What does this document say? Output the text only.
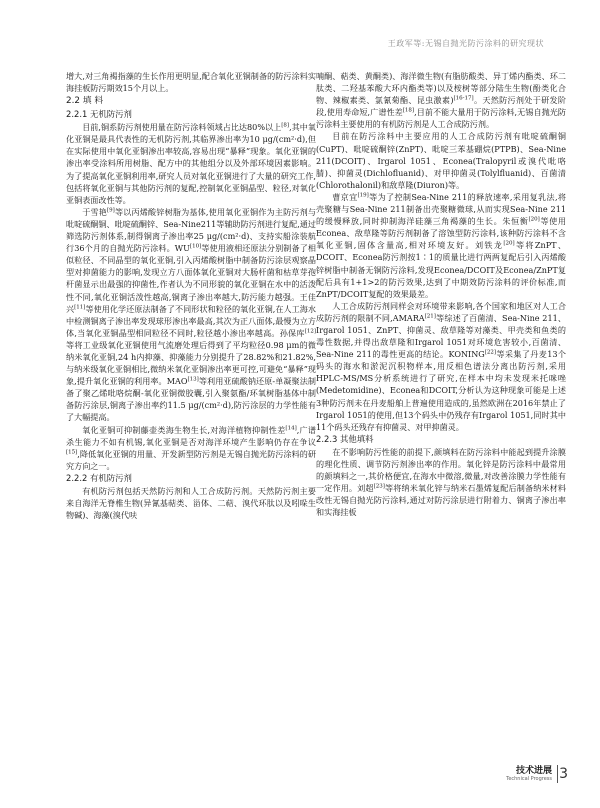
王政军等:无锡自抛光防污涂料的研究现状

增大,对三角褐指藻的生长作用更明显,配合氧化亚铜制备的防污涂料实海挂板防污期效15个月以上。

2.2 填 料
2.2.1 无机防污剂

目前,铜系防污剂使用量在防污涂料领域占比达80%以上[8],其中氧化亚铜是最具代表性的无机防污剂,其临界渗出率为10 μg/(cm²·d),但在实际使用中氧化亚铜渗出率较高,容易出现“暴释”现象。氧化亚铜的渗出率受涂料所用树脂、配方中的其他组分以及外部环境因素影响。为了提高氧化亚铜利用率,研究人员对氧化亚铜进行了大量的研究工作,包括将氧化亚铜与其他防污剂的复配,控制氧化亚铜晶型、粒径,对氧化亚铜表面改性等。

于雪艳[9]等以丙烯酸锌树脂为基体,使用氧化亚铜作为主防污剂与吡啶硫酮铜、吡啶硫酮锌、Sea-Nine211等辅助防污剂进行复配,通过筛选防污剂体系,制得铜离子渗出率25 μg/(cm²·d)、支持实船涂装航行36个月的自抛光防污涂料。WU[10]等使用液相还原法分别制备了相似粒径、不同晶型的氧化亚铜,引入丙烯酸树脂中制备防污涂层观察晶型对抑菌能力的影响,发现立方八面体氧化亚铜对大肠杆菌和枯草芽孢杆菌显示出最强的抑菌性,作者认为不同形貌的氧化亚铜在水中的活泼性不同,氧化亚铜活泼性越高,铜离子渗出率越大,防污能力越强。王佳兴[11]等使用化学还原法制备了不同形状和粒径的氧化亚铜,在人工海水中检测铜离子渗出率发现球形渗出率最高,其次为正八面体,最慢为立方体,当氧化亚铜晶型相同粒径不同时,粒径越小渗出率越高。孙保库[12]等将工业级氧化亚铜使用气流磨处理后得到了平均粒径0.98 μm的微纳米氧化亚铜,24 h内抑藻、抑藻能力分别提升了28.82%和21.82%,与纳米级氧化亚铜相比,微纳米氧化亚铜渗出率更可控,可避免“暴释”现象,提升氧化亚铜的利用率。MAO[13]等利用亚硫酸钠还原-单凝聚法制备了聚乙烯吡咯烷酮-氧化亚铜微胶囊,引入聚氨酯/环氧树脂基体中制备防污涂层,铜离子渗出率约11.5 μg/(cm²·d),防污涂层的力学性能有了大幅提高。

氧化亚铜可抑制藤壶类海生物生长,对海洋植物抑制性差[14],广谱杀生能力不如有机锡,氧化亚铜是否对海洋环境产生影响仍存在争议[15],降低氧化亚铜的用量、开发新型防污剂是无锡自抛光防污涂料的研究方向之一。

2.2.2 有机防污剂

有机防污剂包括天然防污剂和人工合成防污剂。天然防污剂主要来自海洋无脊椎生物(异氰基萜类、甾体、二萜、溴代环肽以及吲哚生物碱)、海藻(溴代呋

喃酮、萜类、黄酮类)、海洋微生物(有脂肪酸类、异丁烯内酯类、环二肽类、二羟基苯酸大环内酯类等)以及桉树等部分陆生生物(酚类化合物、辣椒素类、氯氰菊酯、昆虫激素)[16-17]。天然防污剂处于研发阶段,使用寿命短,广谱性差[18],目前不能大量用于防污涂料,无锡自抛光防污涂料主要使用的有机防污剂是人工合成防污剂。

目前在防污涂料中主要应用的人工合成防污剂有吡啶硫酮铜(CuPT)、吡啶硫酮锌(ZnPT)、吡啶三苯基硼烷(PTPB)、Sea-Nine 211(DCOIT)、Irgarol 1051、Econea(Tralopyril或溴代吡咯腈)、抑菌灵(Dichlofluanid)、对甲抑菌灵(Tolylfluanid)、百菌清(Chlorothalonil)和敌草隆(Diuron)等。

曹京宜[19]等为了控制Sea-Nine 211的释放速率,采用复乳法,将壳聚糖与Sea-Nine 211制备出壳聚糖微球,从而实现Sea-Nine 211的缓慢释放,同时抑制海洋硅藻三角褐藻的生长。朱恒衡[20]等使用Econea、敌草隆等防污剂制备了溶蚀型防污涂料,该种防污涂料不含氧化亚铜,固体含量高,相对环境友好。刘铁龙[20]等将ZnPT、DCOIT、Econea防污剂按1∶1的质量比进行两两复配后引入丙烯酸锌树脂中制备无铜防污涂料,发现Econea/DCOIT及Econea/ZnPT复配后具有1+1>2的防污效果,达到了中期效防污涂料的评价标准,而ZnPT/DCOIT复配的效果最差。

人工合成防污剂同样会对环境带来影响,各个国家和地区对人工合成防污剂的限制不同,AMARA[21]等综述了百菌清、Sea-Nine 211、Irgarol 1051、ZnPT、抑菌灵、敌草隆等对藻类、甲壳类和鱼类的毒性数据,并得出敌草隆和Irgarol 1051对环境危害较小,百菌清、Sea-Nine 211的毒性更高的结论。KONING[22]等采集了丹麦13个码头的海水和淤泥沉积物样本,用反相色谱法分离出防污剂,采用HPLC-MS/MS分析系统进行了研究,在样本中均未发现米托咪唑(Medetomidine)、Econea和DCOIT,分析认为这种现象可能是上述3种防污剂未在丹麦船舶上普遍使用造成的,虽然欧洲在2016年禁止了Irgarol 1051的使用,但13个码头中仍残存有Irgarol 1051,同时其中11个码头还残存有抑菌灵、对甲抑菌灵。

2.2.3 其他填料

在不影响防污性能的前提下,颜填料在防污涂料中能起到提升涂膜的理化性质、调节防污剂渗出率的作用。氧化锌是防污涂料中最常用的颜填料之一,其价格便宜,在海水中微溶,微量,对改善涂膜力学性能有一定作用。刘超[23]等将纳米氧化锌与纳米石墨烯复配后制备纳米材料改性无锡自抛光防污涂料,通过对防污涂层进行附着力、铜离子渗出率和实海挂板

技术进展
Technical Progress 3
